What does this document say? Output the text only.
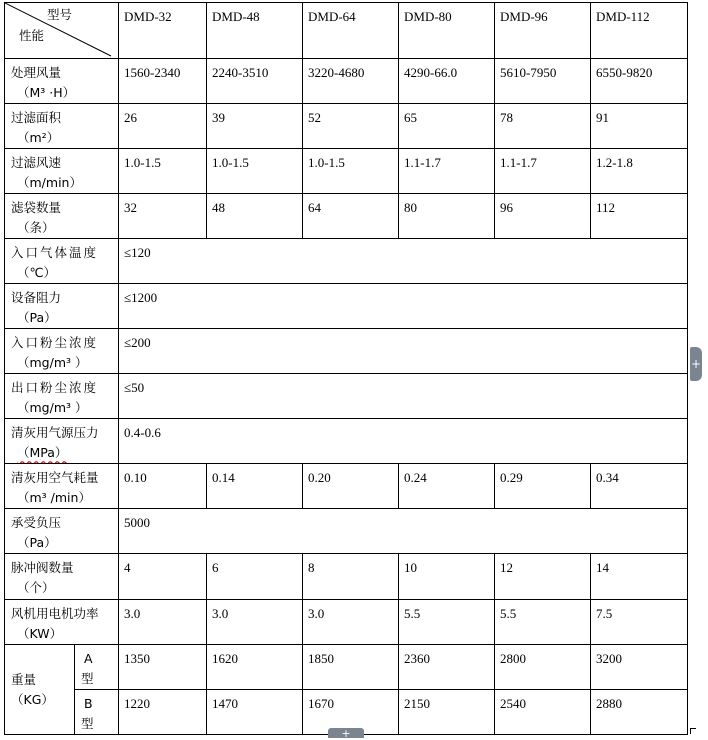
型号
性能		DMD-32	DMD-48	DMD-64	DMD-80	DMD-96	DMD-112
处理风量
（M³ ·H）		1560-2340	2240-3510	3220-4680	4290-66.0	5610-7950	6550-9820
过滤面积
（m²）		26	39	52	65	78	91
过滤风速
（m/min）		1.0-1.5	1.0-1.5	1.0-1.5	1.1-1.7	1.1-1.7	1.2-1.8
滤袋数量
（条）		32	48	64	80	96	112
入口气体温度
（℃）		≤120					
设备阻力
（Pa）		≤1200					
入口粉尘浓度
（mg/m³ ）		≤200					
出口粉尘浓度
（mg/m³ ）		≤50					
清灰用气源压力
（MPa）		0.4-0.6					
清灰用空气耗量
（m³ /min）		0.10	0.14	0.20	0.24	0.29	0.34
承受负压
（Pa）		5000					
脉冲阀数量
（个）		4	6	8	10	12	14
风机用电机功率
（KW）		3.0	3.0	3.0	5.5	5.5	7.5
重量
（KG）	A
型	1350	1620	1850	2360	2800	3200
	B
型	1220	1470	1670	2150	2540	2880
+
+
